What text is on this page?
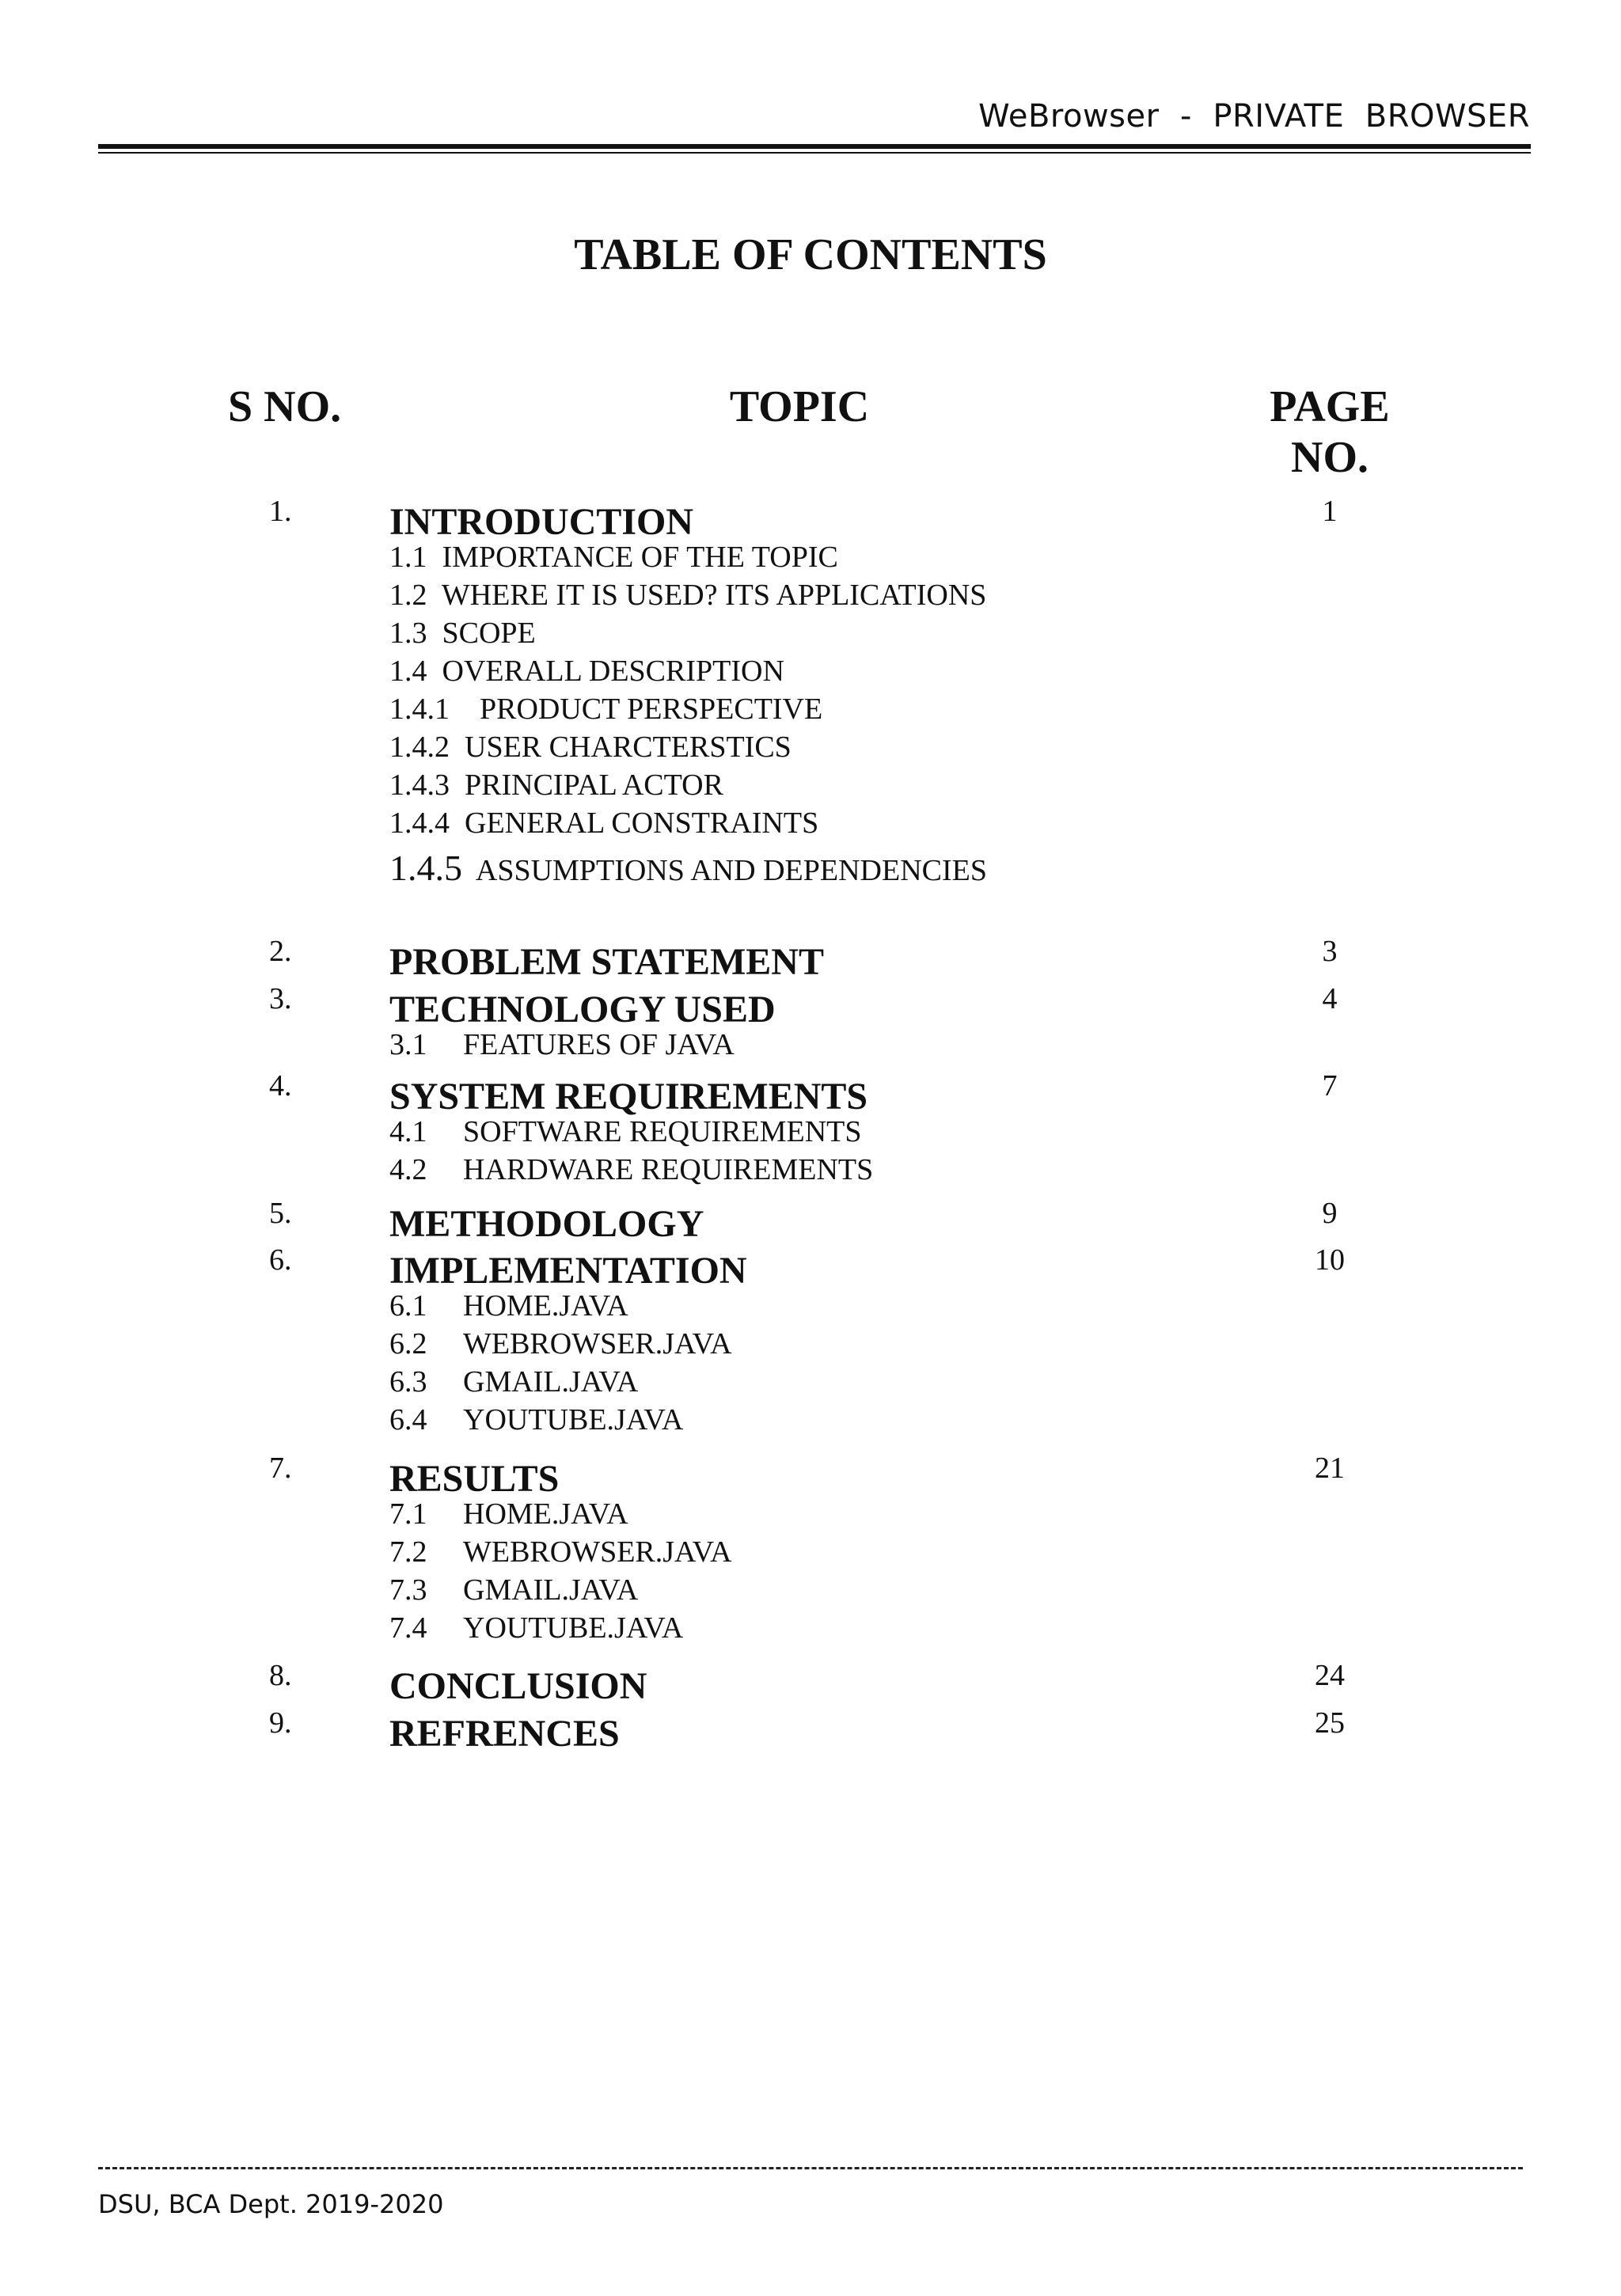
WeBrowser  -  PRIVATE  BROWSER
TABLE OF CONTENTS
S NO.	TOPIC	PAGE
NO.
1.	INTRODUCTION	1
1.1 IMPORTANCE OF THE TOPIC
1.2 WHERE IT IS USED? ITS APPLICATIONS
1.3 SCOPE
1.4 OVERALL DESCRIPTION
1.4.1 PRODUCT PERSPECTIVE
1.4.2 USER CHARCTERSTICS
1.4.3 PRINCIPAL ACTOR
1.4.4 GENERAL CONSTRAINTS
1.4.5 ASSUMPTIONS AND DEPENDENCIES
2.	PROBLEM STATEMENT	3
3.	TECHNOLOGY USED	4
3.1 FEATURES OF JAVA
4.	SYSTEM REQUIREMENTS	7
4.1 SOFTWARE REQUIREMENTS
4.2 HARDWARE REQUIREMENTS
5.	METHODOLOGY	9
6.	IMPLEMENTATION	10
6.1 HOME.JAVA
6.2 WEBROWSER.JAVA
6.3 GMAIL.JAVA
6.4 YOUTUBE.JAVA
7.	RESULTS	21
7.1 HOME.JAVA
7.2 WEBROWSER.JAVA
7.3 GMAIL.JAVA
7.4 YOUTUBE.JAVA
8.	CONCLUSION	24
9.	REFRENCES	25
DSU, BCA Dept. 2019-2020
